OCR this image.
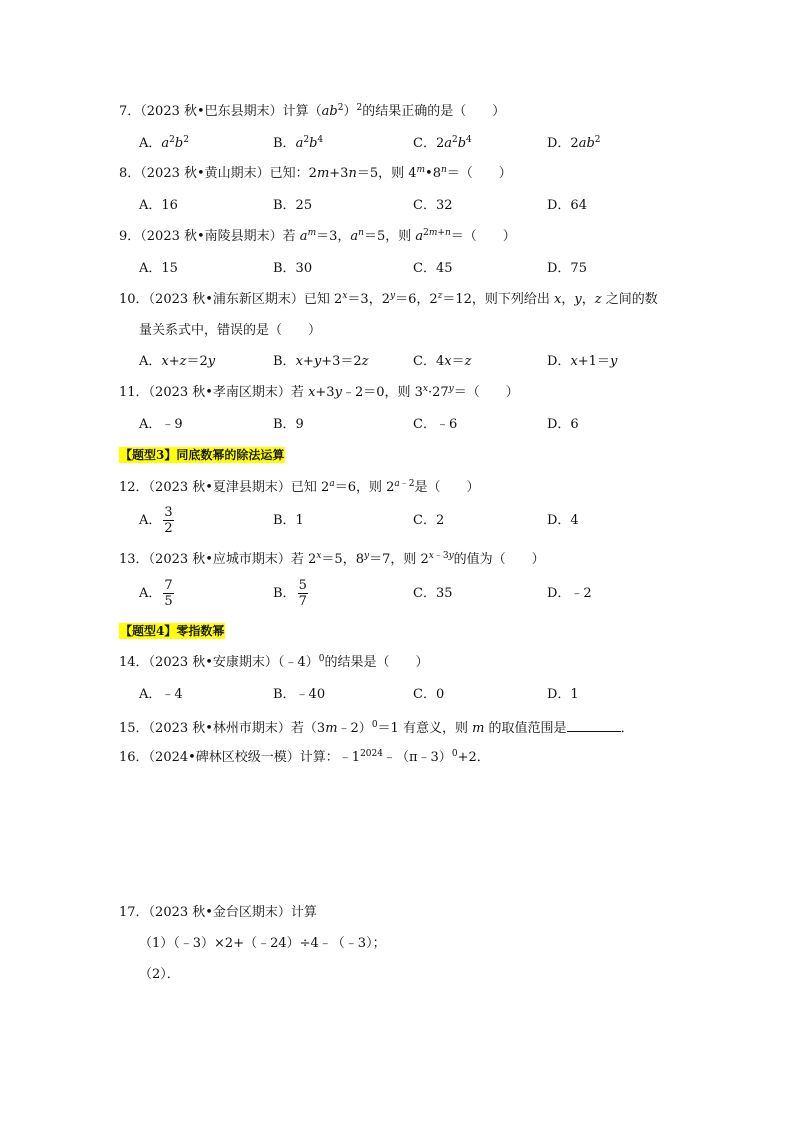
7．（2023 秋•巴东县期末）计算$(ab^2)^2$的结果正确的是（　　）
A．$a^2b^2$	B．$a^2b^4$	C．$2a^2b^4$	D．$2ab^2$
8．（2023 秋•黄山期末）已知：2m+3n＝5，则 $4^m•8^n=$（　　）
A．16	B．25	C．32	D．64
9．（2023 秋•南陵县期末）若 $a^m=3$，$a^n=5$，则 $a^{2m+n}=$（　　）
A．15	B．30	C．45	D．75
10．（2023 秋•浦东新区期末）已知 $2^x=3$，$2^y=6$，$2^z=12$，则下列给出 x，y，z 之间的数
量关系式中，错误的是（　　）
A．x+z＝2y	B．x+y+3＝2z	C．4x＝z	D．x+1＝y
11．（2023 秋•孝南区期末）若 x+3y﹣2＝0，则 $3^x\cdot 27^y=$（　　）
A．﹣9	B．9	C．﹣6	D．6
【题型3】同底数幂的除法运算
12．（2023 秋•夏津县期末）已知 $2^a=6$，则 $2^{a﹣2}$是（　　）
A． $\frac{3}{2}$	B．1	C．2	D．4
13．（2023 秋•应城市期末）若 $2^x=5$，$8^y=7$，则 $2^{x﹣3y}$的值为（　　）
A． $\frac{7}{5}$	B． $\frac{5}{7}$	C．35	D．﹣2
【题型4】零指数幂
14．（2023 秋•安康期末）（﹣4）$^0$的结果是（　　）
A．﹣4	B．﹣40	C．0	D．1
15．（2023 秋•林州市期末）若（3m﹣2）$^0$＝1 有意义，则 m 的取值范围是	．
16．（2024•碑林区校级一模）计算：$﹣1^{2024}﹣(\pi﹣3)^0+2$．
17．（2023 秋•金台区期末）计算
（1）（﹣3）×2+（﹣24）÷4﹣（﹣3）；
（2）．
